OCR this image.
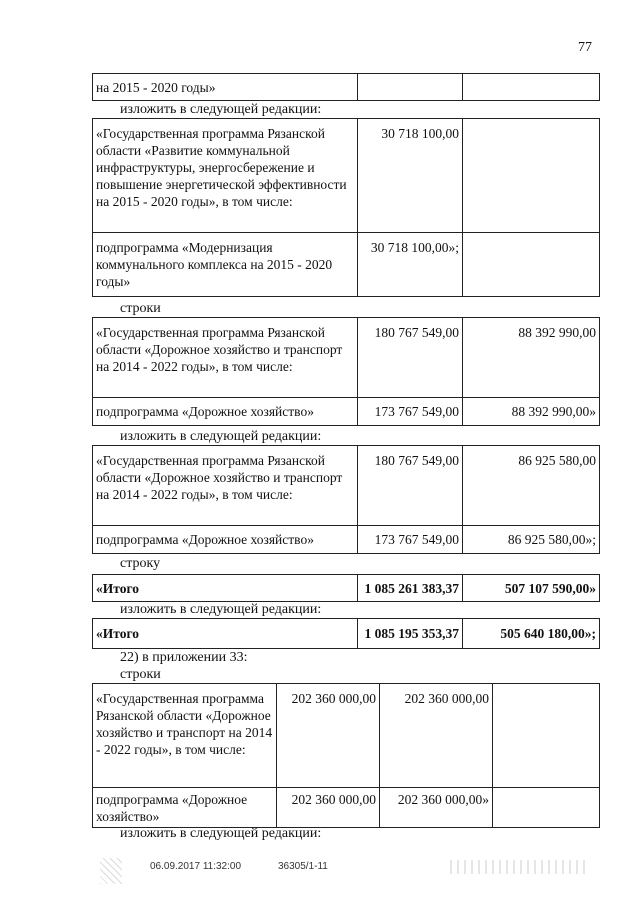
77
на 2015 - 2020 годы»		
изложить в следующей редакции:
«Государственная программа Рязанской области «Развитие коммунальной инфраструктуры, энергосбережение и повышение энергетической эффективности на 2015 - 2020 годы», в том числе:	30 718 100,00	
подпрограмма «Модернизация коммунального комплекса на 2015 - 2020 годы»	30 718 100,00»;	
строки
«Государственная программа Рязанской области «Дорожное хозяйство и транспорт на 2014 - 2022 годы», в том числе:	180 767 549,00	88 392 990,00
подпрограмма «Дорожное хозяйство»	173 767 549,00	88 392 990,00»
изложить в следующей редакции:
«Государственная программа Рязанской области «Дорожное хозяйство и транспорт на 2014 - 2022 годы», в том числе:	180 767 549,00	86 925 580,00
подпрограмма «Дорожное хозяйство»	173 767 549,00	86 925 580,00»;
строку
«Итого	1 085 261 383,37	507 107 590,00»
изложить в следующей редакции:
«Итого	1 085 195 353,37	505 640 180,00»;
22) в приложении 33:
строки
«Государственная программа Рязанской области «Дорожное хозяйство и транспорт на 2014 - 2022 годы», в том числе:	202 360 000,00	202 360 000,00	
подпрограмма «Дорожное хозяйство»	202 360 000,00	202 360 000,00»	
изложить в следующей редакции:
06.09.2017 11:32:00	36305/1-11
